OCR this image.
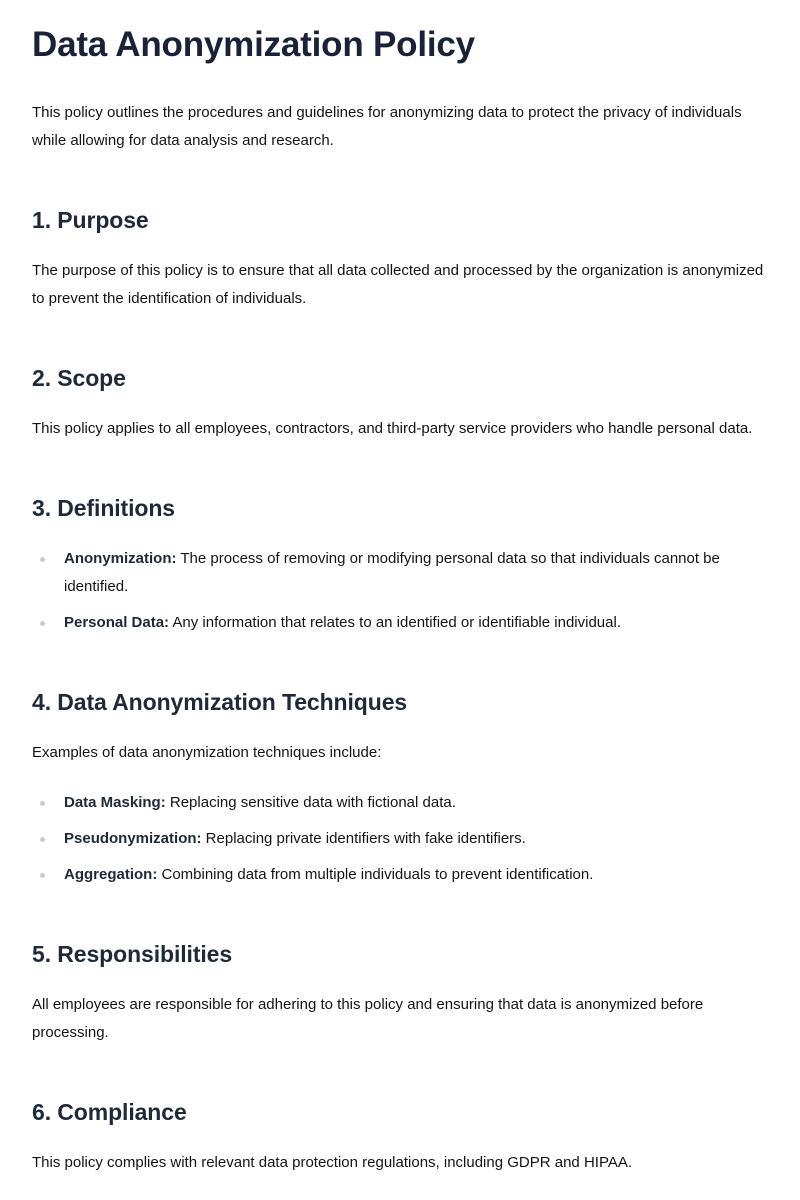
Data Anonymization Policy

This policy outlines the procedures and guidelines for anonymizing data to protect the privacy of individuals while allowing for data analysis and research.

1. Purpose

The purpose of this policy is to ensure that all data collected and processed by the organization is anonymized to prevent the identification of individuals.

2. Scope

This policy applies to all employees, contractors, and third-party service providers who handle personal data.

3. Definitions
Anonymization: The process of removing or modifying personal data so that individuals cannot be identified.
Personal Data: Any information that relates to an identified or identifiable individual.
4. Data Anonymization Techniques

Examples of data anonymization techniques include:

Data Masking: Replacing sensitive data with fictional data.
Pseudonymization: Replacing private identifiers with fake identifiers.
Aggregation: Combining data from multiple individuals to prevent identification.
5. Responsibilities

All employees are responsible for adhering to this policy and ensuring that data is anonymized before processing.

6. Compliance

This policy complies with relevant data protection regulations, including GDPR and HIPAA.
